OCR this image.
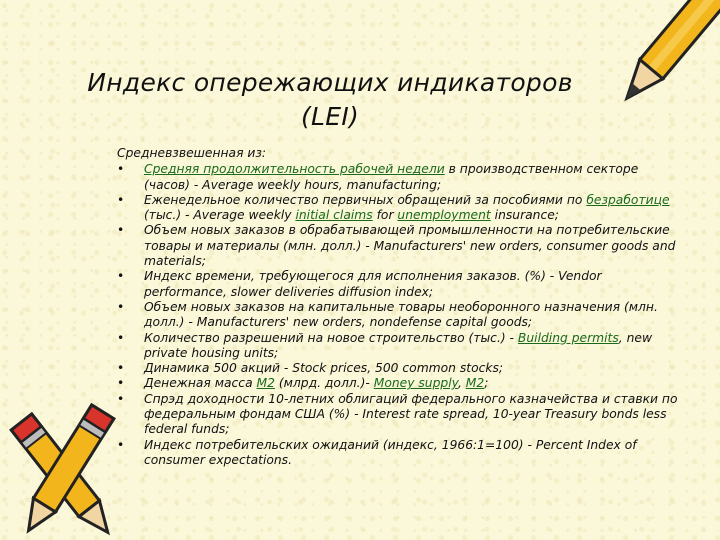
Индекс опережающих индикаторов
(LEI)
Средневзвешенная из:
• Средняя продолжительность рабочей недели в производственном секторе (часов) - Average weekly hours, manufacturing;
• Еженедельное количество первичных обращений за пособиями по безработице (тыс.) - Average weekly initial claims for unemployment insurance;
• Объем новых заказов в обрабатывающей промышленности на потребительские товары и материалы (млн. долл.) - Manufacturers' new orders, consumer goods and materials;
• Индекс времени, требующегося для исполнения заказов. (%) - Vendor performance, slower deliveries diffusion index;
• Объем новых заказов на капитальные товары необоронного назначения (млн. долл.) - Manufacturers' new orders, nondefense capital goods;
• Количество разрешений на новое строительство (тыс.) - Building permits, new private housing units;
• Динамика 500 акций - Stock prices, 500 common stocks;
• Денежная масса M2 (млрд. долл.)- Money supply, M2;
• Спрэд доходности 10-летних облигаций федерального казначейства и ставки по федеральным фондам США (%) - Interest rate spread, 10-year Treasury bonds less federal funds;
• Индекс потребительских ожиданий (индекс, 1966:1=100) - Percent Index of consumer expectations.
